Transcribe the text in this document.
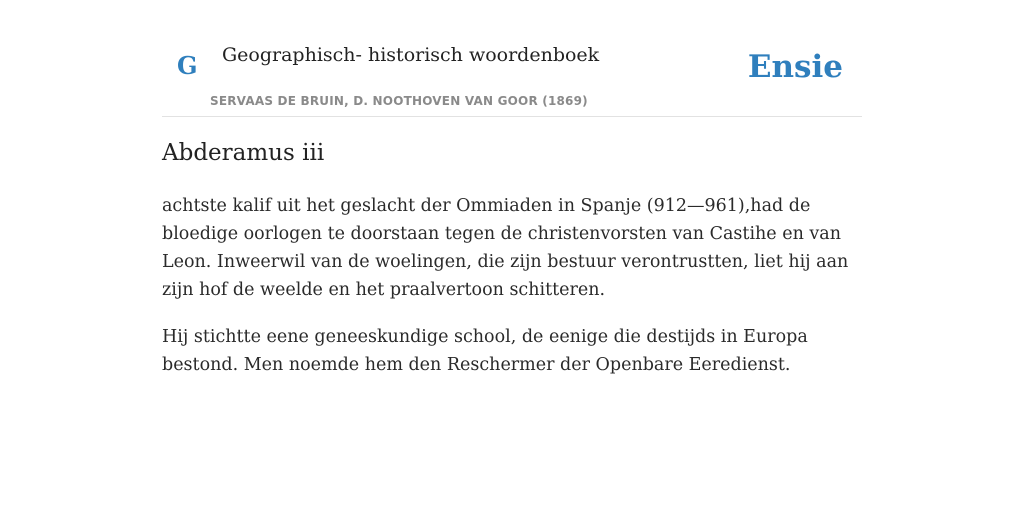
G Geographisch- historisch woordenboek
SERVAAS DE BRUIN, D. NOOTHOVEN VAN GOOR (1869)
Ensie
Abderamus iii

achtste kalif uit het geslacht der Ommiaden in Spanje (912—961),had de bloedige oorlogen te doorstaan tegen de christenvorsten van Castihe en van Leon. Inweerwil van de woelingen, die zijn bestuur verontrustten, liet hij aan zijn hof de weelde en het praalvertoon schitteren.

Hij stichtte eene geneeskundige school, de eenige die destijds in Europa bestond. Men noemde hem den Reschermer der Openbare Eeredienst.
